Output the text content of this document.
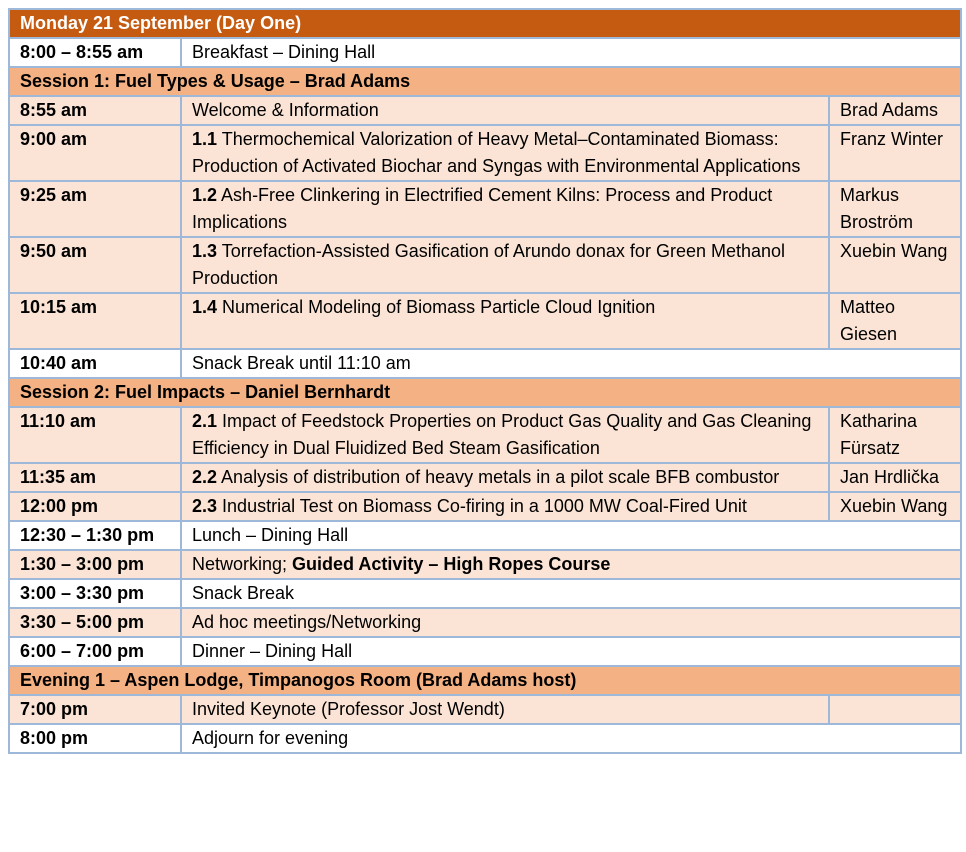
Monday 21 September (Day One)		
8:00 – 8:55 am	Breakfast – Dining Hall	
Session 1: Fuel Types & Usage – Brad Adams		
8:55 am	Welcome & Information	Brad Adams
9:00 am	1.1 Thermochemical Valorization of Heavy Metal–Contaminated Biomass: Production of Activated Biochar and Syngas with Environmental Applications	Franz Winter
9:25 am	1.2 Ash-Free Clinkering in Electrified Cement Kilns: Process and Product Implications	Markus Broström
9:50 am	1.3 Torrefaction-Assisted Gasification of Arundo donax for Green Methanol Production	Xuebin Wang
10:15 am	1.4 Numerical Modeling of Biomass Particle Cloud Ignition	Matteo Giesen
10:40 am	Snack Break until 11:10 am	
Session 2: Fuel Impacts – Daniel Bernhardt		
11:10 am	2.1 Impact of Feedstock Properties on Product Gas Quality and Gas Cleaning Efficiency in Dual Fluidized Bed Steam Gasification	Katharina Fürsatz
11:35 am	2.2 Analysis of distribution of heavy metals in a pilot scale BFB combustor	Jan Hrdlička
12:00 pm	2.3 Industrial Test on Biomass Co-firing in a 1000 MW Coal-Fired Unit	Xuebin Wang
12:30 – 1:30 pm	Lunch – Dining Hall	
1:30 – 3:00 pm	Networking; Guided Activity – High Ropes Course	
3:00 – 3:30 pm	Snack Break	
3:30 – 5:00 pm	Ad hoc meetings/Networking	
6:00 – 7:00 pm	Dinner – Dining Hall	
Evening 1 – Aspen Lodge, Timpanogos Room (Brad Adams host)		
7:00 pm	Invited Keynote (Professor Jost Wendt)	
8:00 pm	Adjourn for evening	
